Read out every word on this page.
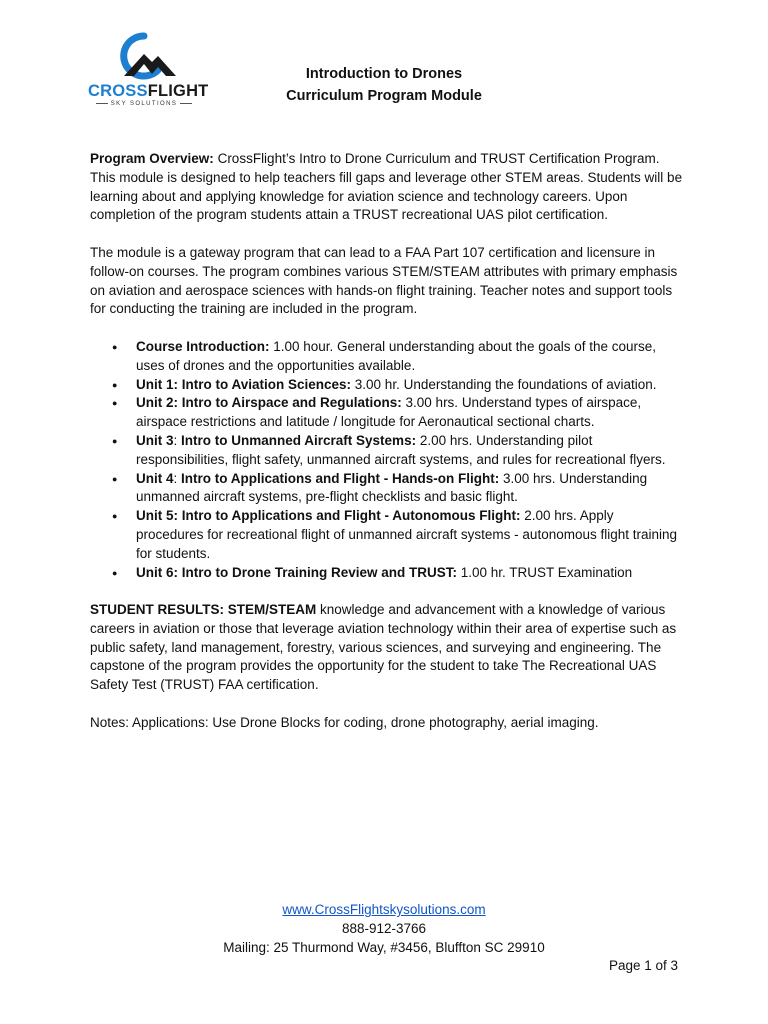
CROSSFLIGHT
SKY SOLUTIONS
Introduction to Drones
Curriculum Program Module

Program Overview: CrossFlight’s Intro to Drone Curriculum and TRUST Certification Program. This module is designed to help teachers fill gaps and leverage other STEM areas. Students will be learning about and applying knowledge for aviation science and technology careers. Upon completion of the program students attain a TRUST recreational UAS pilot certification.

The module is a gateway program that can lead to a FAA Part 107 certification and licensure in follow-on courses. The program combines various STEM/STEAM attributes with primary emphasis on aviation and aerospace sciences with hands-on flight training. Teacher notes and support tools for conducting the training are included in the program.

● Course Introduction: 1.00 hour. General understanding about the goals of the course, uses of drones and the opportunities available.
● Unit 1: Intro to Aviation Sciences: 3.00 hr. Understanding the foundations of aviation.
● Unit 2: Intro to Airspace and Regulations: 3.00 hrs. Understand types of airspace, airspace restrictions and latitude / longitude for Aeronautical sectional charts.
● Unit 3: Intro to Unmanned Aircraft Systems: 2.00 hrs. Understanding pilot responsibilities, flight safety, unmanned aircraft systems, and rules for recreational flyers.
● Unit 4: Intro to Applications and Flight - Hands-on Flight: 3.00 hrs. Understanding unmanned aircraft systems, pre-flight checklists and basic flight.
● Unit 5: Intro to Applications and Flight - Autonomous Flight: 2.00 hrs. Apply procedures for recreational flight of unmanned aircraft systems - autonomous flight training for students.
● Unit 6: Intro to Drone Training Review and TRUST: 1.00 hr. TRUST Examination

STUDENT RESULTS: STEM/STEAM knowledge and advancement with a knowledge of various careers in aviation or those that leverage aviation technology within their area of expertise such as public safety, land management, forestry, various sciences, and surveying and engineering. The capstone of the program provides the opportunity for the student to take The Recreational UAS Safety Test (TRUST) FAA certification.

Notes: Applications: Use Drone Blocks for coding, drone photography, aerial imaging.

www.CrossFlightskysolutions.com

888-912-3766

Mailing: 25 Thurmond Way, #3456, Bluffton SC 29910

Page 1 of 3
